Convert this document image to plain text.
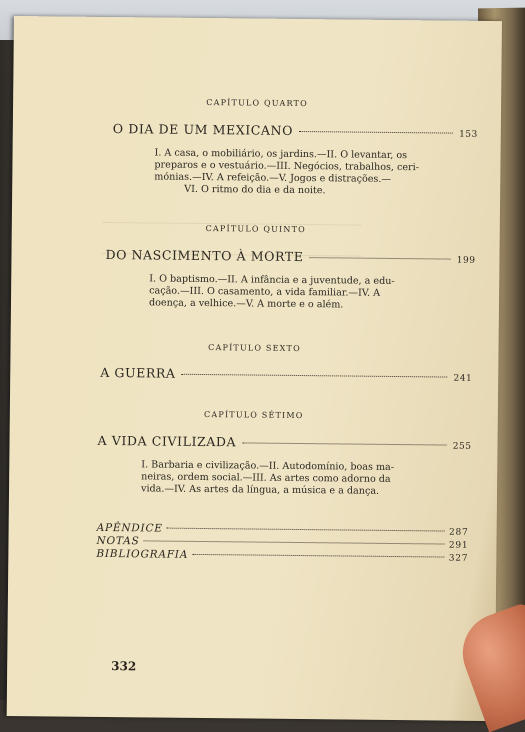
CAPÍTULO QUARTO
O DIA DE UM MEXICANO	153

I. A casa, o mobiliário, os jardins.—II. O levantar, os

preparos e o vestuário.—III. Negócios, trabalhos, ceri-

mónias.—IV. A refeição.—V. Jogos e distrações.—

VI. O ritmo do dia e da noite.

CAPÍTULO QUINTO
DO NASCIMENTO À MORTE	199

I. O baptismo.—II. A infância e a juventude, a edu-

cação.—III. O casamento, a vida familiar.—IV. A

doença, a velhice.—V. A morte e o além.

CAPÍTULO SEXTO
A GUERRA	241
CAPÍTULO SÉTIMO
A VIDA CIVILIZADA	255

I. Barbaria e civilização.—II. Autodomínio, boas ma-

neiras, ordem social.—III. As artes como adorno da

vida.—IV. As artes da língua, a música e a dança.

APÊNDICE	287
NOTAS	291
BIBLIOGRAFIA	327
332
